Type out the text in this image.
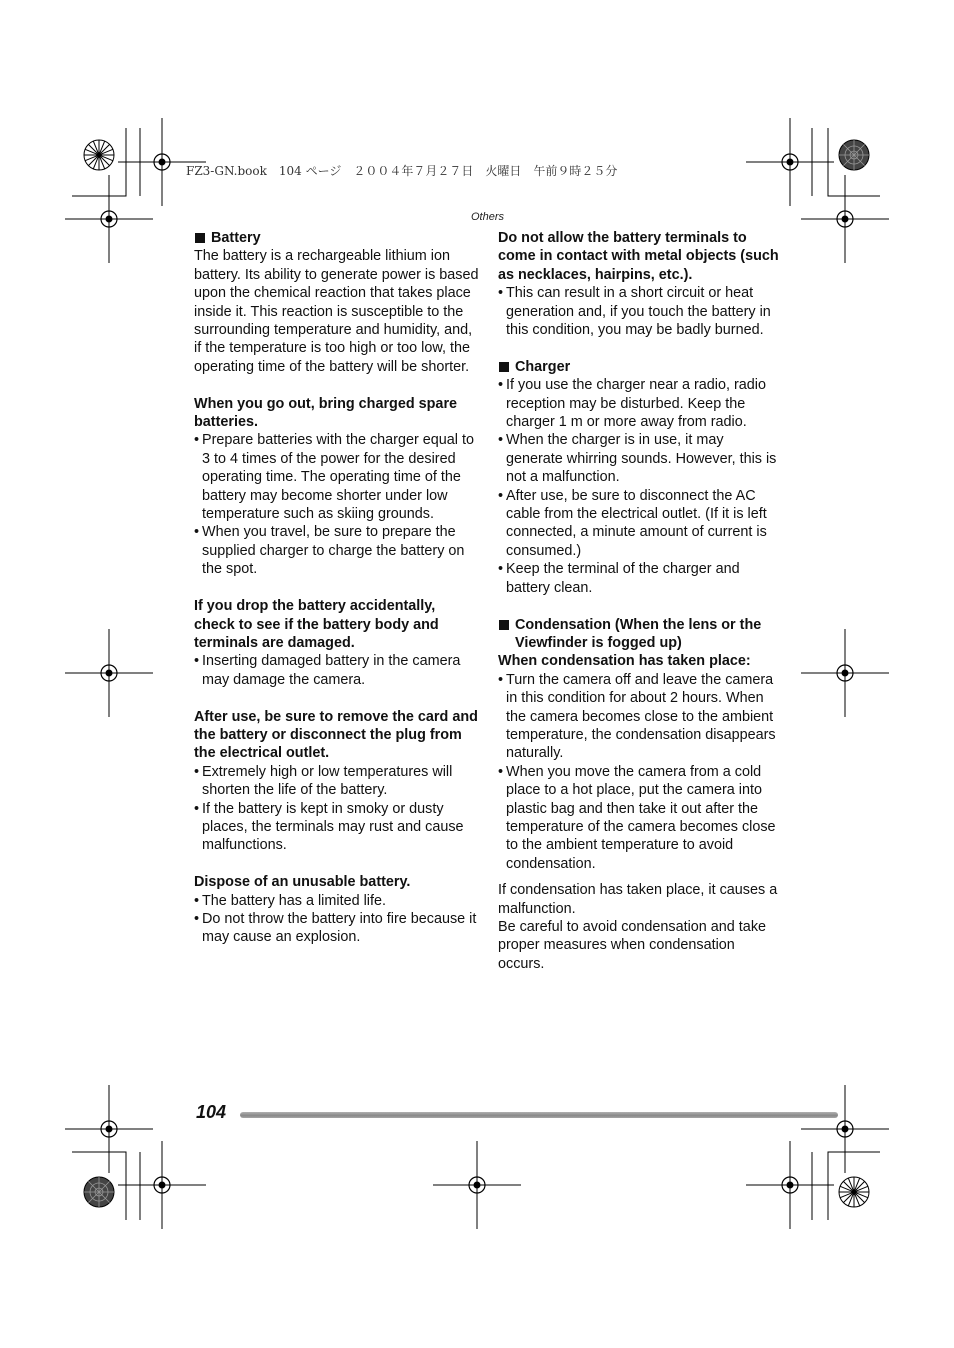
FZ3-GN.book　104 ページ　２００４年７月２７日　火曜日　午前９時２５分
Others
Battery

The battery is a rechargeable lithium ion battery. Its ability to generate power is based upon the chemical reaction that takes place inside it. This reaction is susceptible to the surrounding temperature and humidity, and, if the temperature is too high or too low, the operating time of the battery will be shorter.

When you go out, bring charged spare batteries.

• Prepare batteries with the charger equal to 3 to 4 times of the power for the desired operating time. The operating time of the battery may become shorter under low temperature such as skiing grounds.
• When you travel, be sure to prepare the supplied charger to charge the battery on the spot.

If you drop the battery accidentally, check to see if the battery body and terminals are damaged.

• Inserting damaged battery in the camera may damage the camera.

After use, be sure to remove the card and the battery or disconnect the plug from the electrical outlet.

• Extremely high or low temperatures will shorten the life of the battery.
• If the battery is kept in smoky or dusty places, the terminals may rust and cause malfunctions.

Dispose of an unusable battery.

• The battery has a limited life.
• Do not throw the battery into fire because it may cause an explosion.

Do not allow the battery terminals to come in contact with metal objects (such as necklaces, hairpins, etc.).

• This can result in a short circuit or heat generation and, if you touch the battery in this condition, you may be badly burned.
Charger
• If you use the charger near a radio, radio reception may be disturbed. Keep the charger 1 m or more away from radio.
• When the charger is in use, it may generate whirring sounds. However, this is not a malfunction.
• After use, be sure to disconnect the AC cable from the electrical outlet. (If it is left connected, a minute amount of current is consumed.)
• Keep the terminal of the charger and battery clean.
Condensation (When the lens or the Viewfinder is fogged up)

When condensation has taken place:

• Turn the camera off and leave the camera in this condition for about 2 hours. When the camera becomes close to the ambient temperature, the condensation disappears naturally.
• When you move the camera from a cold place to a hot place, put the camera into plastic bag and then take it out after the temperature of the camera becomes close to the ambient temperature to avoid condensation.

If condensation has taken place, it causes a malfunction.

Be careful to avoid condensation and take proper measures when condensation occurs.

104
